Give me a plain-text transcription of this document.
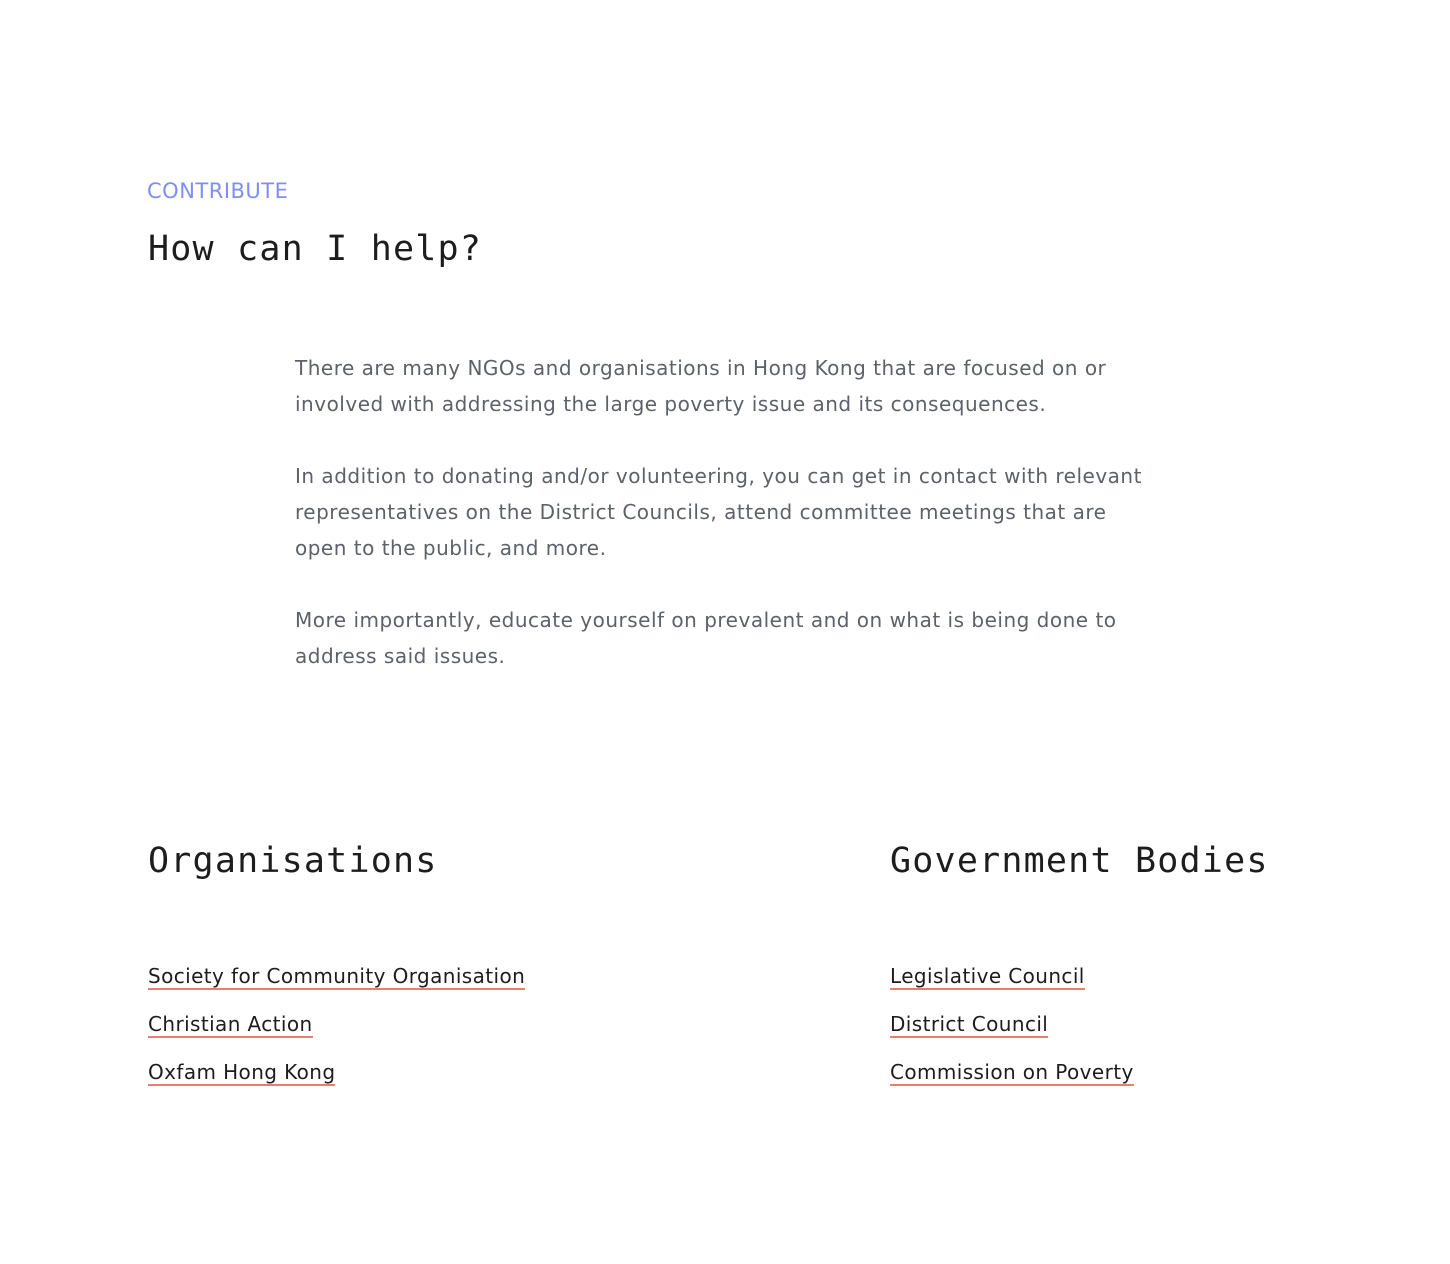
CONTRIBUTE
How can I help?

There are many NGOs and organisations in Hong Kong that are focused on or involved with addressing the large poverty issue and its consequences.

In addition to donating and/or volunteering, you can get in contact with relevant representatives on the District Councils, attend committee meetings that are open to the public, and more.

More importantly, educate yourself on prevalent and on what is being done to address said issues.

Organisations
Society for Community Organisation
Christian Action
Oxfam Hong Kong
Government Bodies
Legislative Council
District Council
Commission on Poverty
